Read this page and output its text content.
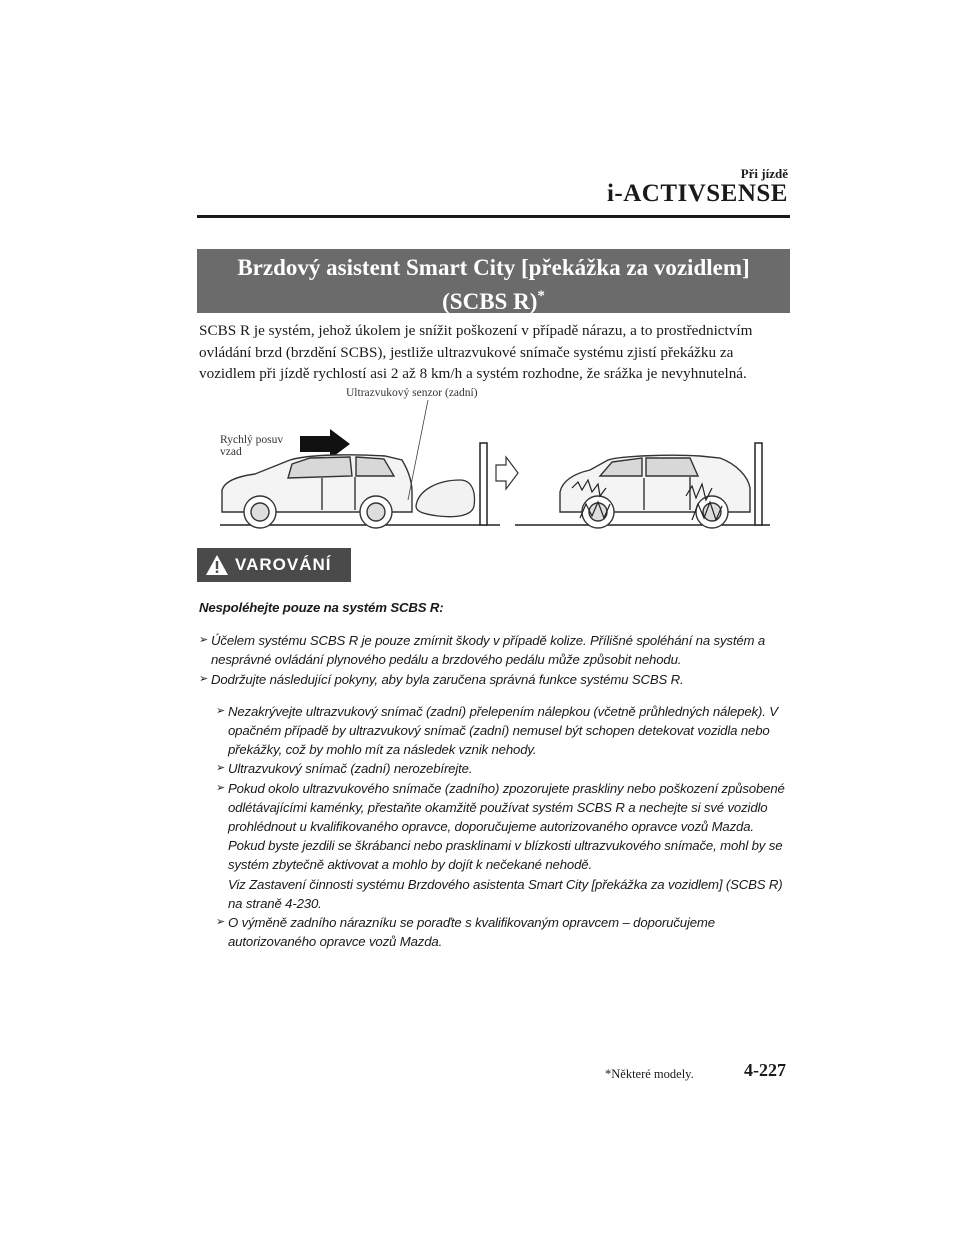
Při jízdě
i-ACTIVSENSE
Brzdový asistent Smart City [překážka za vozidlem]
(SCBS R)*
SCBS R je systém, jehož úkolem je snížit poškození v případě nárazu, a to prostřednictvím ovládání brzd (brzdění SCBS), jestliže ultrazvukové snímače systému zjistí překážku za vozidlem při jízdě rychlostí asi 2 až 8 km/h a systém rozhodne, že srážka je nevyhnutelná.
Ultrazvukový senzor (zadní)
Rychlý posuv
vzad
VAROVÁNÍ
Nespoléhejte pouze na systém SCBS R:
➢ Účelem systému SCBS R je pouze zmírnit škody v případě kolize. Přílišné spoléhání na systém a nesprávné ovládání plynového pedálu a brzdového pedálu může způsobit nehodu.
➢ Dodržujte následující pokyny, aby byla zaručena správná funkce systému SCBS R.
➢ Nezakrývejte ultrazvukový snímač (zadní) přelepením nálepkou (včetně průhledných nálepek). V opačném případě by ultrazvukový snímač (zadní) nemusel být schopen detekovat vozidla nebo překážky, což by mohlo mít za následek vznik nehody.
➢ Ultrazvukový snímač (zadní) nerozebírejte.
➢ Pokud okolo ultrazvukového snímače (zadního) zpozorujete praskliny nebo poškození způsobené odlétávajícími kaménky, přestaňte okamžitě používat systém SCBS R a nechejte si své vozidlo prohlédnout u kvalifikovaného opravce, doporučujeme autorizovaného opravce vozů Mazda. Pokud byste jezdili se škrábanci nebo prasklinami v blízkosti ultrazvukového snímače, mohl by se systém zbytečně aktivovat a mohlo by dojít k nečekané nehodě.
Viz Zastavení činnosti systému Brzdového asistenta Smart City [překážka za vozidlem] (SCBS R) na straně 4-230.
➢ O výměně zadního nárazníku se poraďte s kvalifikovaným opravcem – doporučujeme autorizovaného opravce vozů Mazda.
*Některé modely.	4-227
